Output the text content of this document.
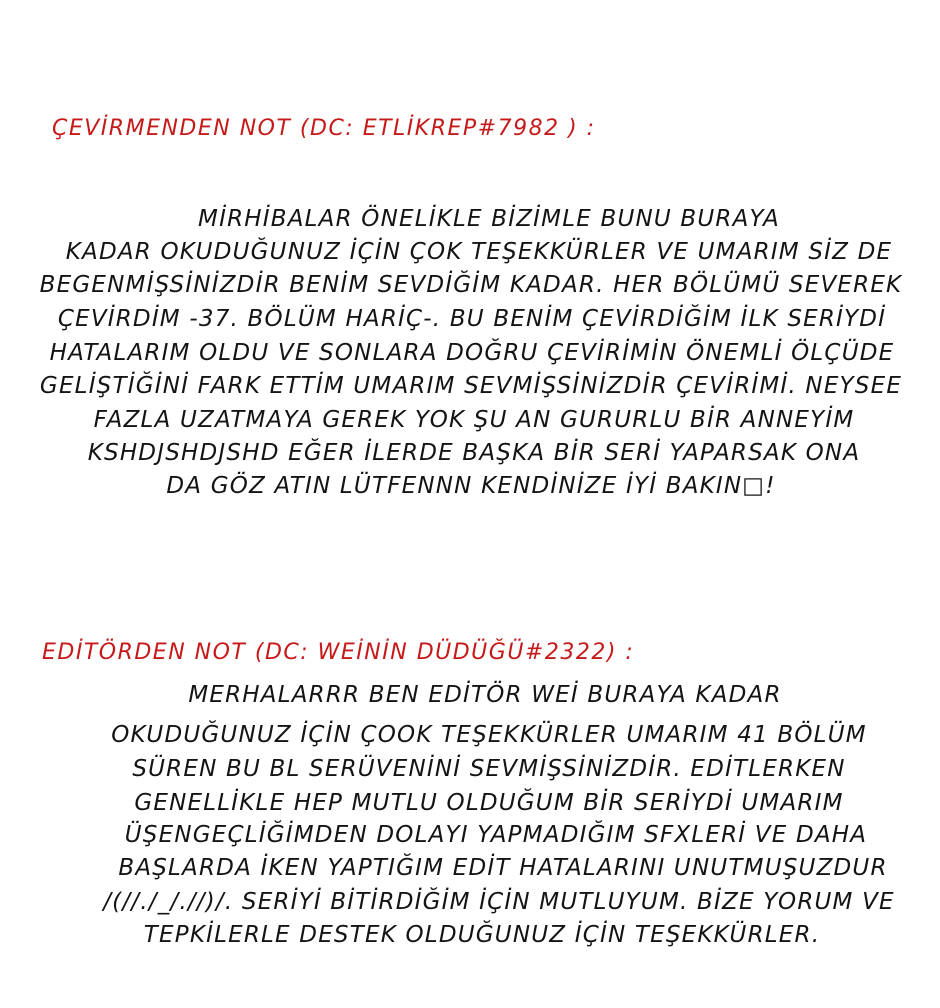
ÇEVİRMENDEN NOT (DC: ETLİKREP#7982 ) :
MİRHİBALAR ÖNELİKLE BİZİMLE BUNU BURAYA
KADAR OKUDUĞUNUZ İÇİN ÇOK TEŞEKKÜRLER VE UMARIM SİZ DE
BEGENMİŞSİNİZDİR BENİM SEVDİĞİM KADAR. HER BÖLÜMÜ SEVEREK
ÇEVİRDİM -37. BÖLÜM HARİÇ-. BU BENİM ÇEVİRDİĞİM İLK SERİYDİ
HATALARIM OLDU VE SONLARA DOĞRU ÇEVİRİMİN ÖNEMLİ ÖLÇÜDE
GELİŞTİĞİNİ FARK ETTİM UMARIM SEVMİŞSİNİZDİR ÇEVİRİMİ. NEYSEE
FAZLA UZATMAYA GEREK YOK ŞU AN GURURLU BİR ANNEYİM
KSHDJSHDJSHD EĞER İLERDE BAŞKA BİR SERİ YAPARSAK ONA
DA GÖZ ATIN LÜTFENNN KENDİNİZE İYİ BAKIN□!
EDİTÖRDEN NOT (DC: WEİNİN DÜDÜĞÜ#2322) :
MERHALARRR BEN EDİTÖR WEİ BURAYA KADAR
OKUDUĞUNUZ İÇİN ÇOOK TEŞEKKÜRLER UMARIM 41 BÖLÜM
SÜREN BU BL SERÜVENİNİ SEVMİŞSİNİZDİR. EDİTLERKEN
GENELLİKLE HEP MUTLU OLDUĞUM BİR SERİYDİ UMARIM
ÜŞENGEÇLİĞİMDEN DOLAYI YAPMADIĞIM SFXLERİ VE DAHA
BAŞLARDA İKEN YAPTIĞIM EDİT HATALARINI UNUTMUŞUZDUR
/(//./_/.//)/. SERİYİ BİTİRDİĞİM İÇİN MUTLUYUM. BİZE YORUM VE
TEPKİLERLE DESTEK OLDUĞUNUZ İÇİN TEŞEKKÜRLER.
